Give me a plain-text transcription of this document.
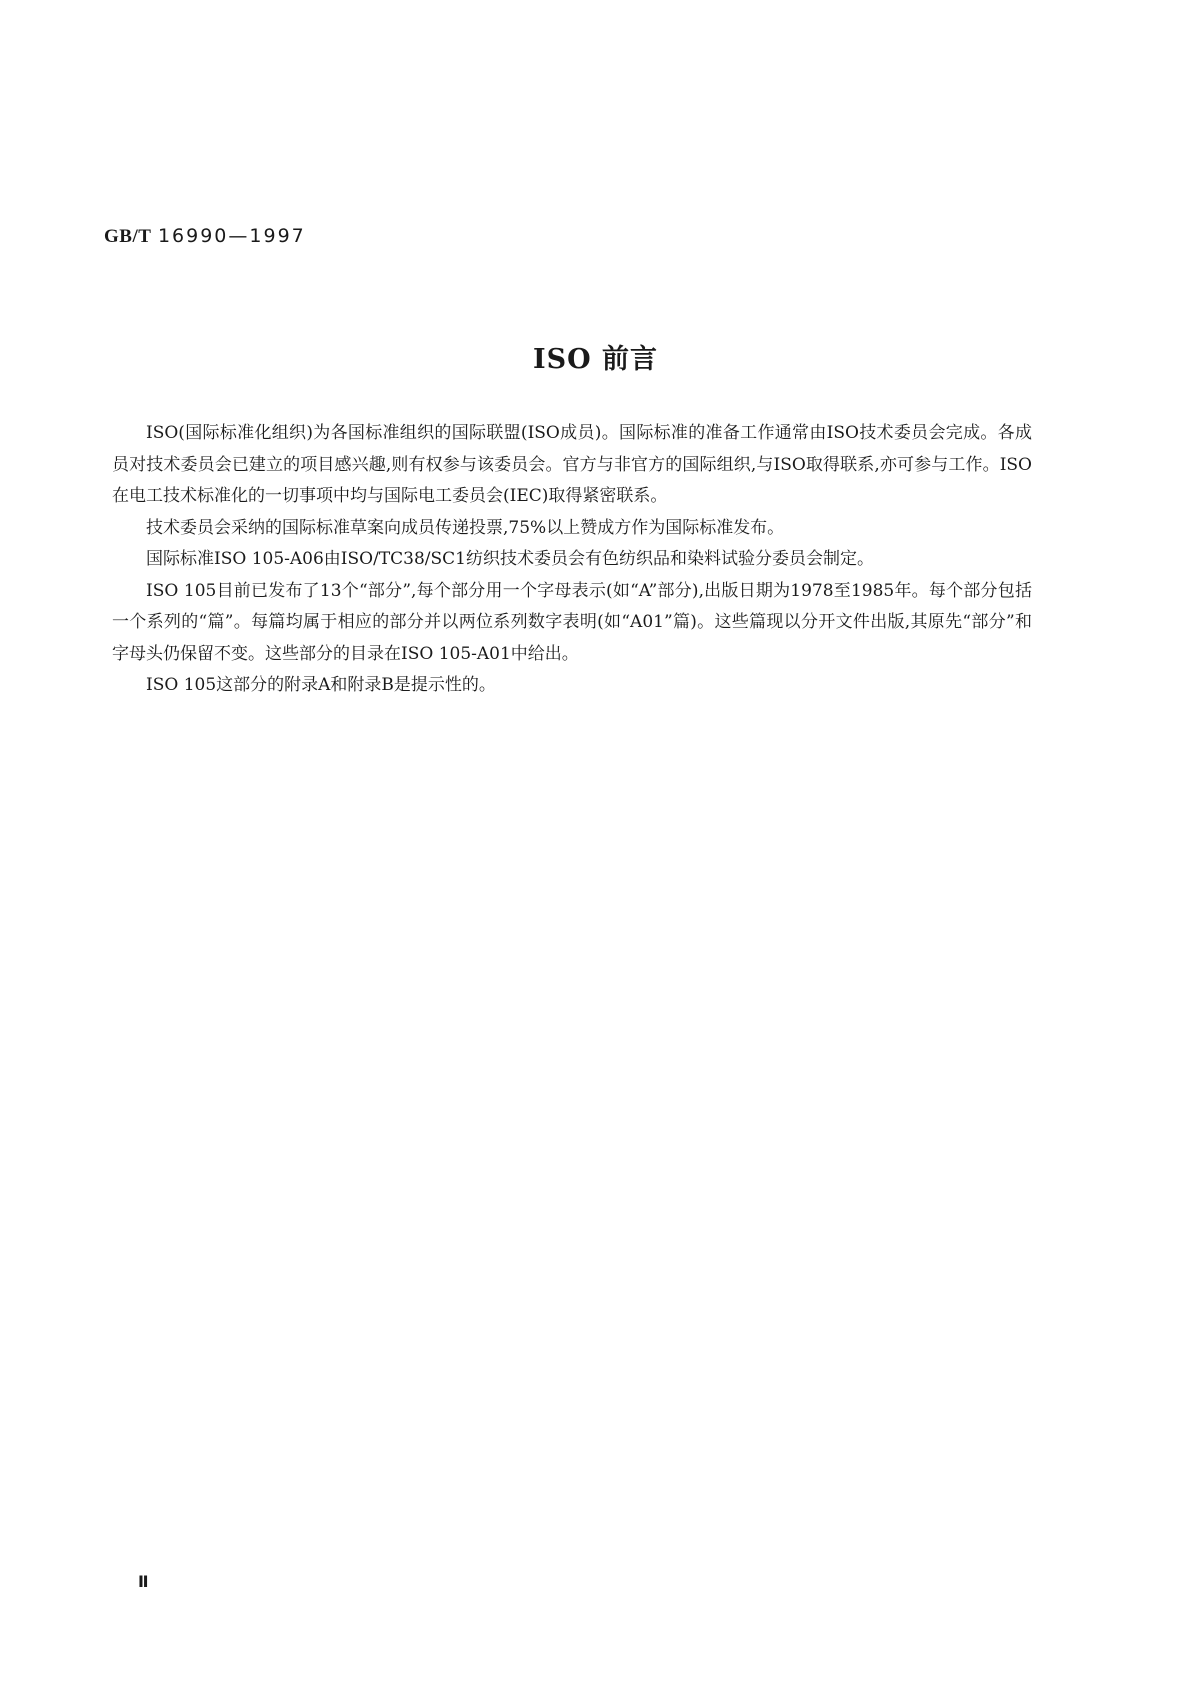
GB/T 16990—1997
ISO 前言

ISO(国际标准化组织)为各国标准组织的国际联盟(ISO成员)。国际标准的准备工作通常由ISO技术委员会完成。各成员对技术委员会已建立的项目感兴趣,则有权参与该委员会。官方与非官方的国际组织,与ISO取得联系,亦可参与工作。ISO在电工技术标准化的一切事项中均与国际电工委员会(IEC)取得紧密联系。

技术委员会采纳的国际标准草案向成员传递投票,75%以上赞成方作为国际标准发布。

国际标准ISO 105-A06由ISO/TC38/SC1纺织技术委员会有色纺织品和染料试验分委员会制定。

ISO 105目前已发布了13个“部分”,每个部分用一个字母表示(如“A”部分),出版日期为1978至1985年。每个部分包括一个系列的“篇”。每篇均属于相应的部分并以两位系列数字表明(如“A01”篇)。这些篇现以分开文件出版,其原先“部分”和字母头仍保留不变。这些部分的目录在ISO 105-A01中给出。

ISO 105这部分的附录A和附录B是提示性的。

Ⅱ
